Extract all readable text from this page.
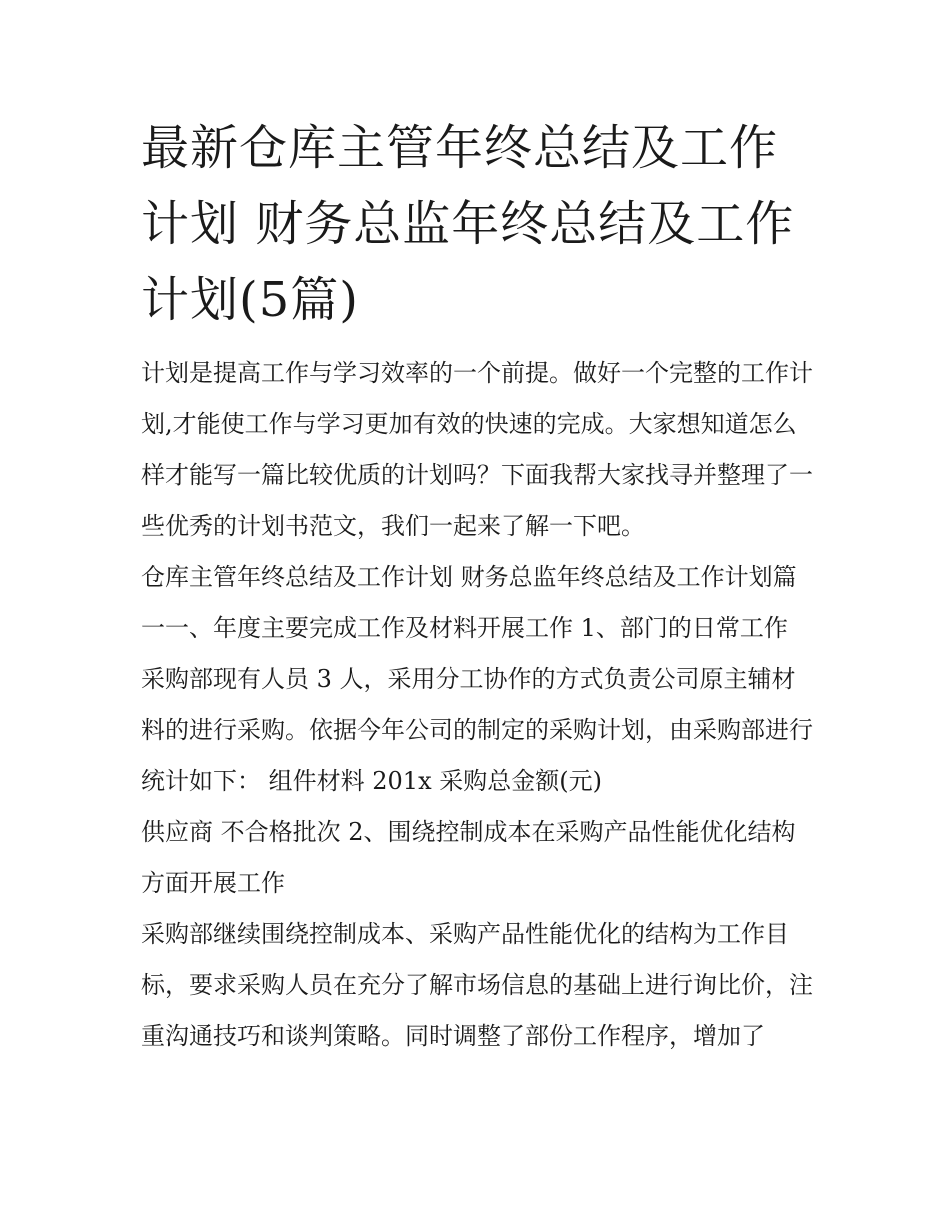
最新仓库主管年终总结及工作计划 财务总监年终总结及工作计划(5篇)

计划是提高工作与学习效率的一个前提。做好一个完整的工作计划,才能使工作与学习更加有效的快速的完成。大家想知道怎么样才能写一篇比较优质的计划吗？下面我帮大家找寻并整理了一些优秀的计划书范文，我们一起来了解一下吧。

仓库主管年终总结及工作计划 财务总监年终总结及工作计划篇一一、年度主要完成工作及材料开展工作 1、部门的日常工作

采购部现有人员 3 人，采用分工协作的方式负责公司原主辅材料的进行采购。依据今年公司的制定的采购计划，由采购部进行统计如下： 组件材料 201x 采购总金额(元)

供应商 不合格批次 2、围绕控制成本在采购产品性能优化结构方面开展工作

采购部继续围绕控制成本、采购产品性能优化的结构为工作目标，要求采购人员在充分了解市场信息的基础上进行询比价，注重沟通技巧和谈判策略。同时调整了部份工作程序，增加了
